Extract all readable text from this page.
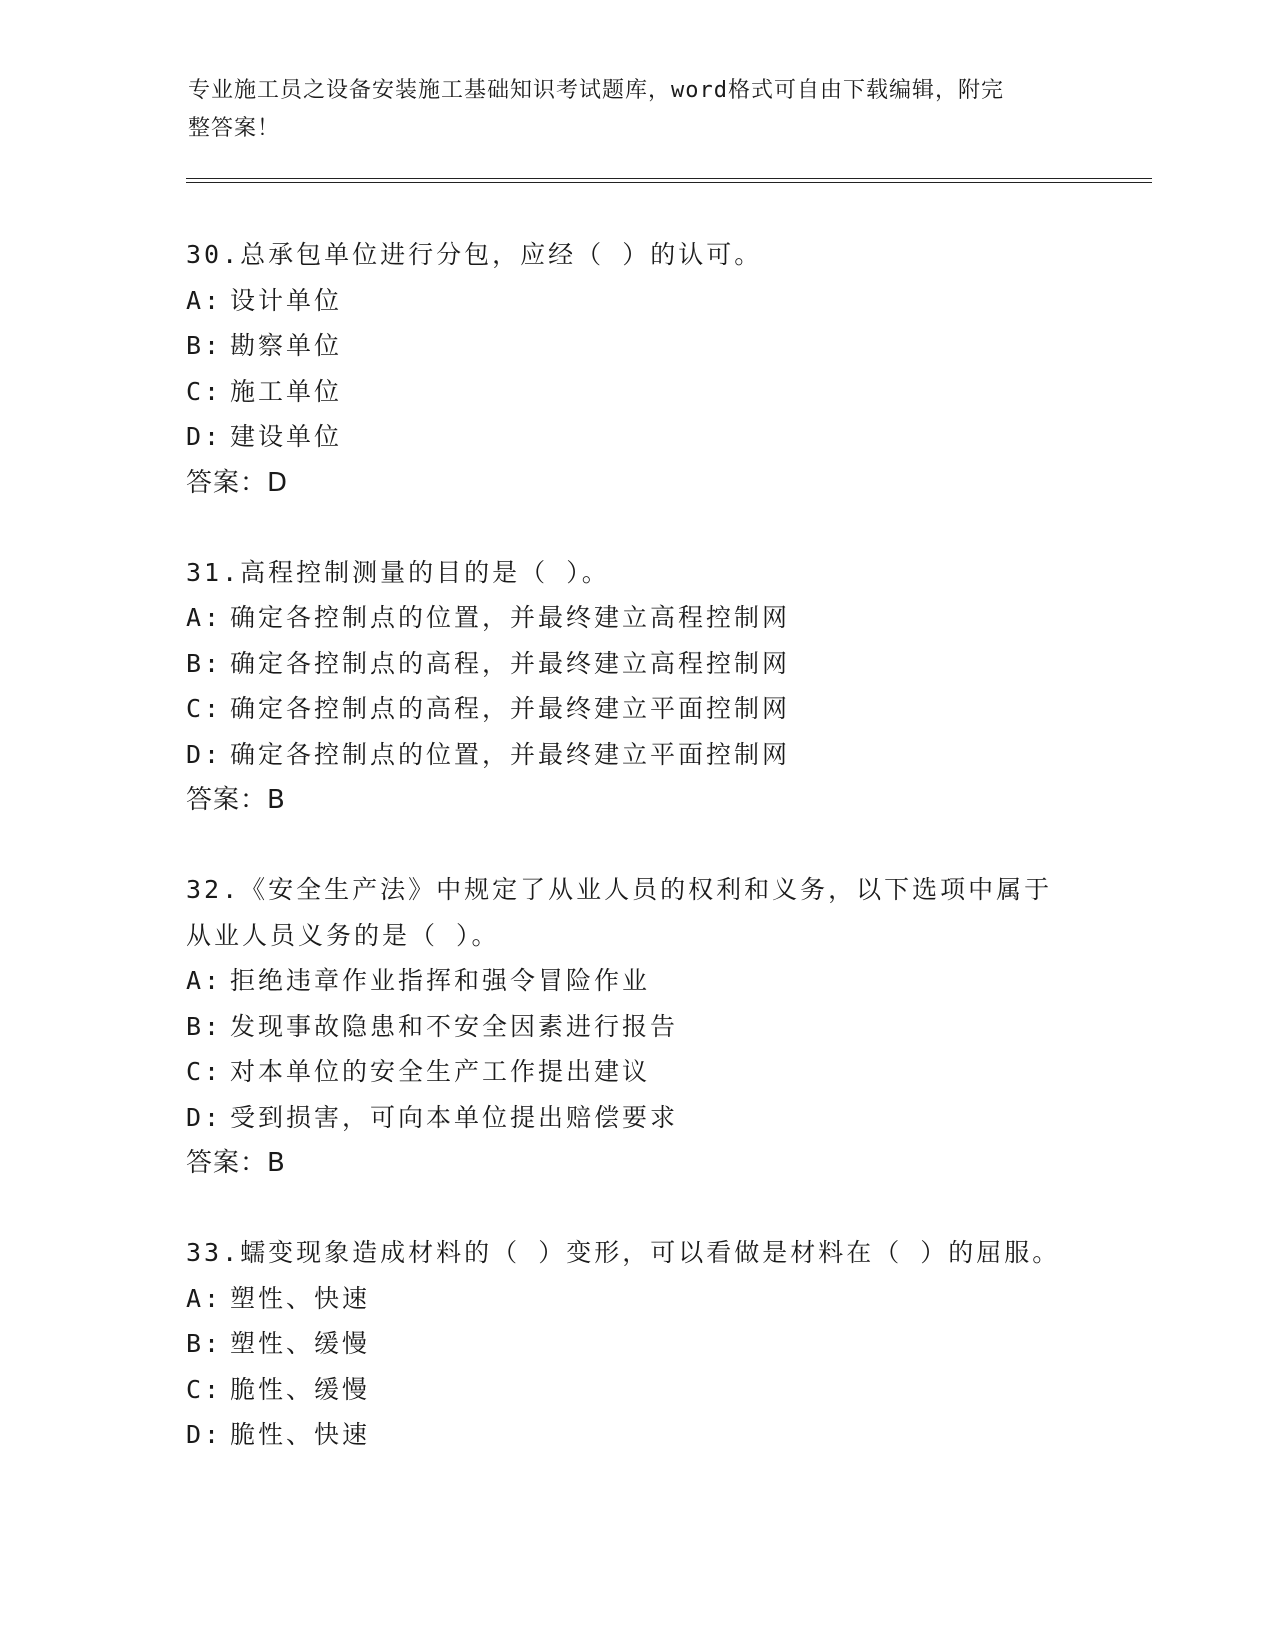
专业施工员之设备安装施工基础知识考试题库，word格式可自由下载编辑，附完
整答案！
30.总承包单位进行分包，应经（ ）的认可。
A: 设计单位
B: 勘察单位
C: 施工单位
D: 建设单位
答案：D
31.高程控制测量的目的是（ ）。
A: 确定各控制点的位置，并最终建立高程控制网
B: 确定各控制点的高程，并最终建立高程控制网
C: 确定各控制点的高程，并最终建立平面控制网
D: 确定各控制点的位置，并最终建立平面控制网
答案：B
32.《安全生产法》中规定了从业人员的权利和义务，以下选项中属于
从业人员义务的是（ ）。
A: 拒绝违章作业指挥和强令冒险作业
B: 发现事故隐患和不安全因素进行报告
C: 对本单位的安全生产工作提出建议
D: 受到损害，可向本单位提出赔偿要求
答案：B
33.蠕变现象造成材料的（ ）变形，可以看做是材料在（ ）的屈服。
A: 塑性、快速
B: 塑性、缓慢
C: 脆性、缓慢
D: 脆性、快速
